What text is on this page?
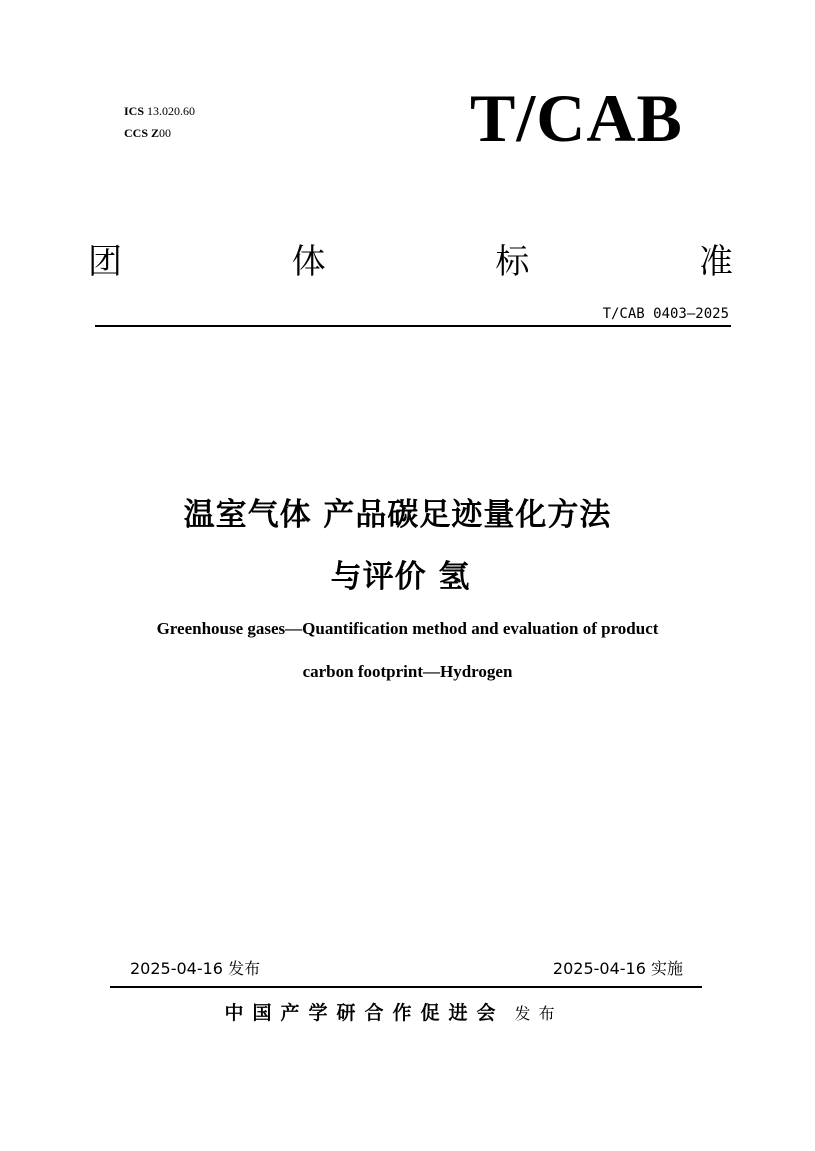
ICS 13.020.60
CCS Z00	T/CAB
团	体	标	准
T/CAB 0403—2025
温室气体 产品碳足迹量化方法
与评价 氢
Greenhouse gases—Quantification method and evaluation of product
carbon footprint—Hydrogen
2025-04-16 发布	2025-04-16 实施
中国产学研合作促进会 发布
